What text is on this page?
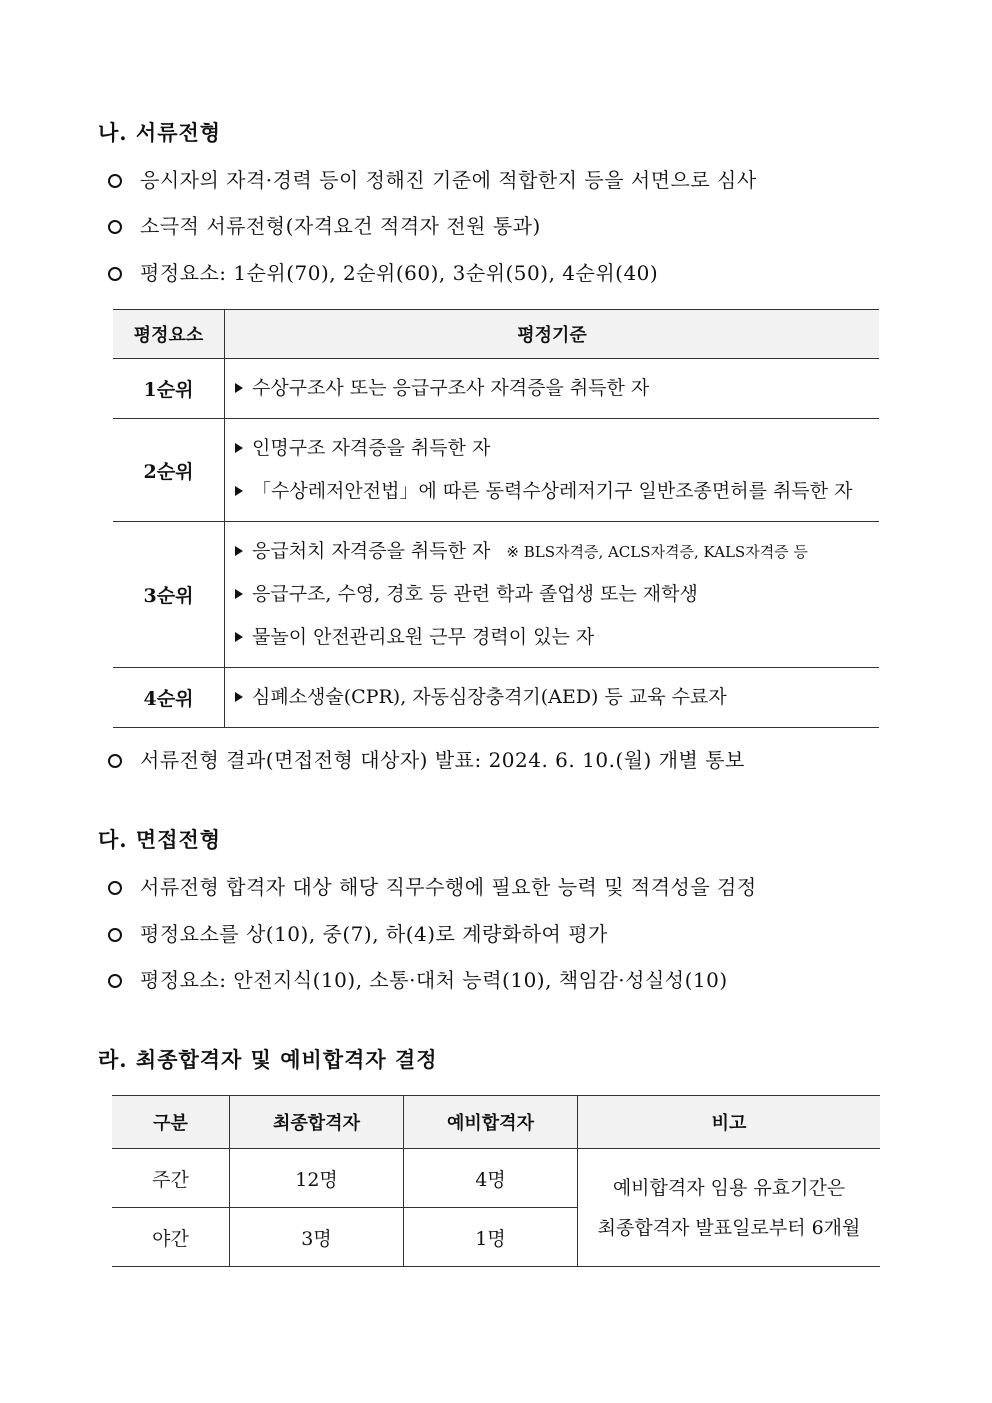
나. 서류전형
응시자의 자격·경력 등이 정해진 기준에 적합한지 등을 서면으로 심사
소극적 서류전형(자격요건 적격자 전원 통과)
평정요소: 1순위(70), 2순위(60), 3순위(50), 4순위(40)
평정요소	평정기준
1순위	수상구조사 또는 응급구조사 자격증을 취득한 자

2순위	인명구조 자격증을 취득한 자
「수상레저안전법」에 따른 동력수상레저기구 일반조종면허를 취득한 자

3순위	응급처치 자격증을 취득한 자 ※ BLS자격증, ACLS자격증, KALS자격증 등
응급구조, 수영, 경호 등 관련 학과 졸업생 또는 재학생
물놀이 안전관리요원 근무 경력이 있는 자

4순위	심폐소생술(CPR), 자동심장충격기(AED) 등 교육 수료자
서류전형 결과(면접전형 대상자) 발표: 2024. 6. 10.(월) 개별 통보
다. 면접전형
서류전형 합격자 대상 해당 직무수행에 필요한 능력 및 적격성을 검정
평정요소를 상(10), 중(7), 하(4)로 계량화하여 평가
평정요소: 안전지식(10), 소통·대처 능력(10), 책임감·성실성(10)
라. 최종합격자 및 예비합격자 결정
구분	최종합격자	예비합격자	비고
주간	12명	4명	예비합격자 임용 유효기간은
최종합격자 발표일로부터 6개월

야간	3명	1명	
